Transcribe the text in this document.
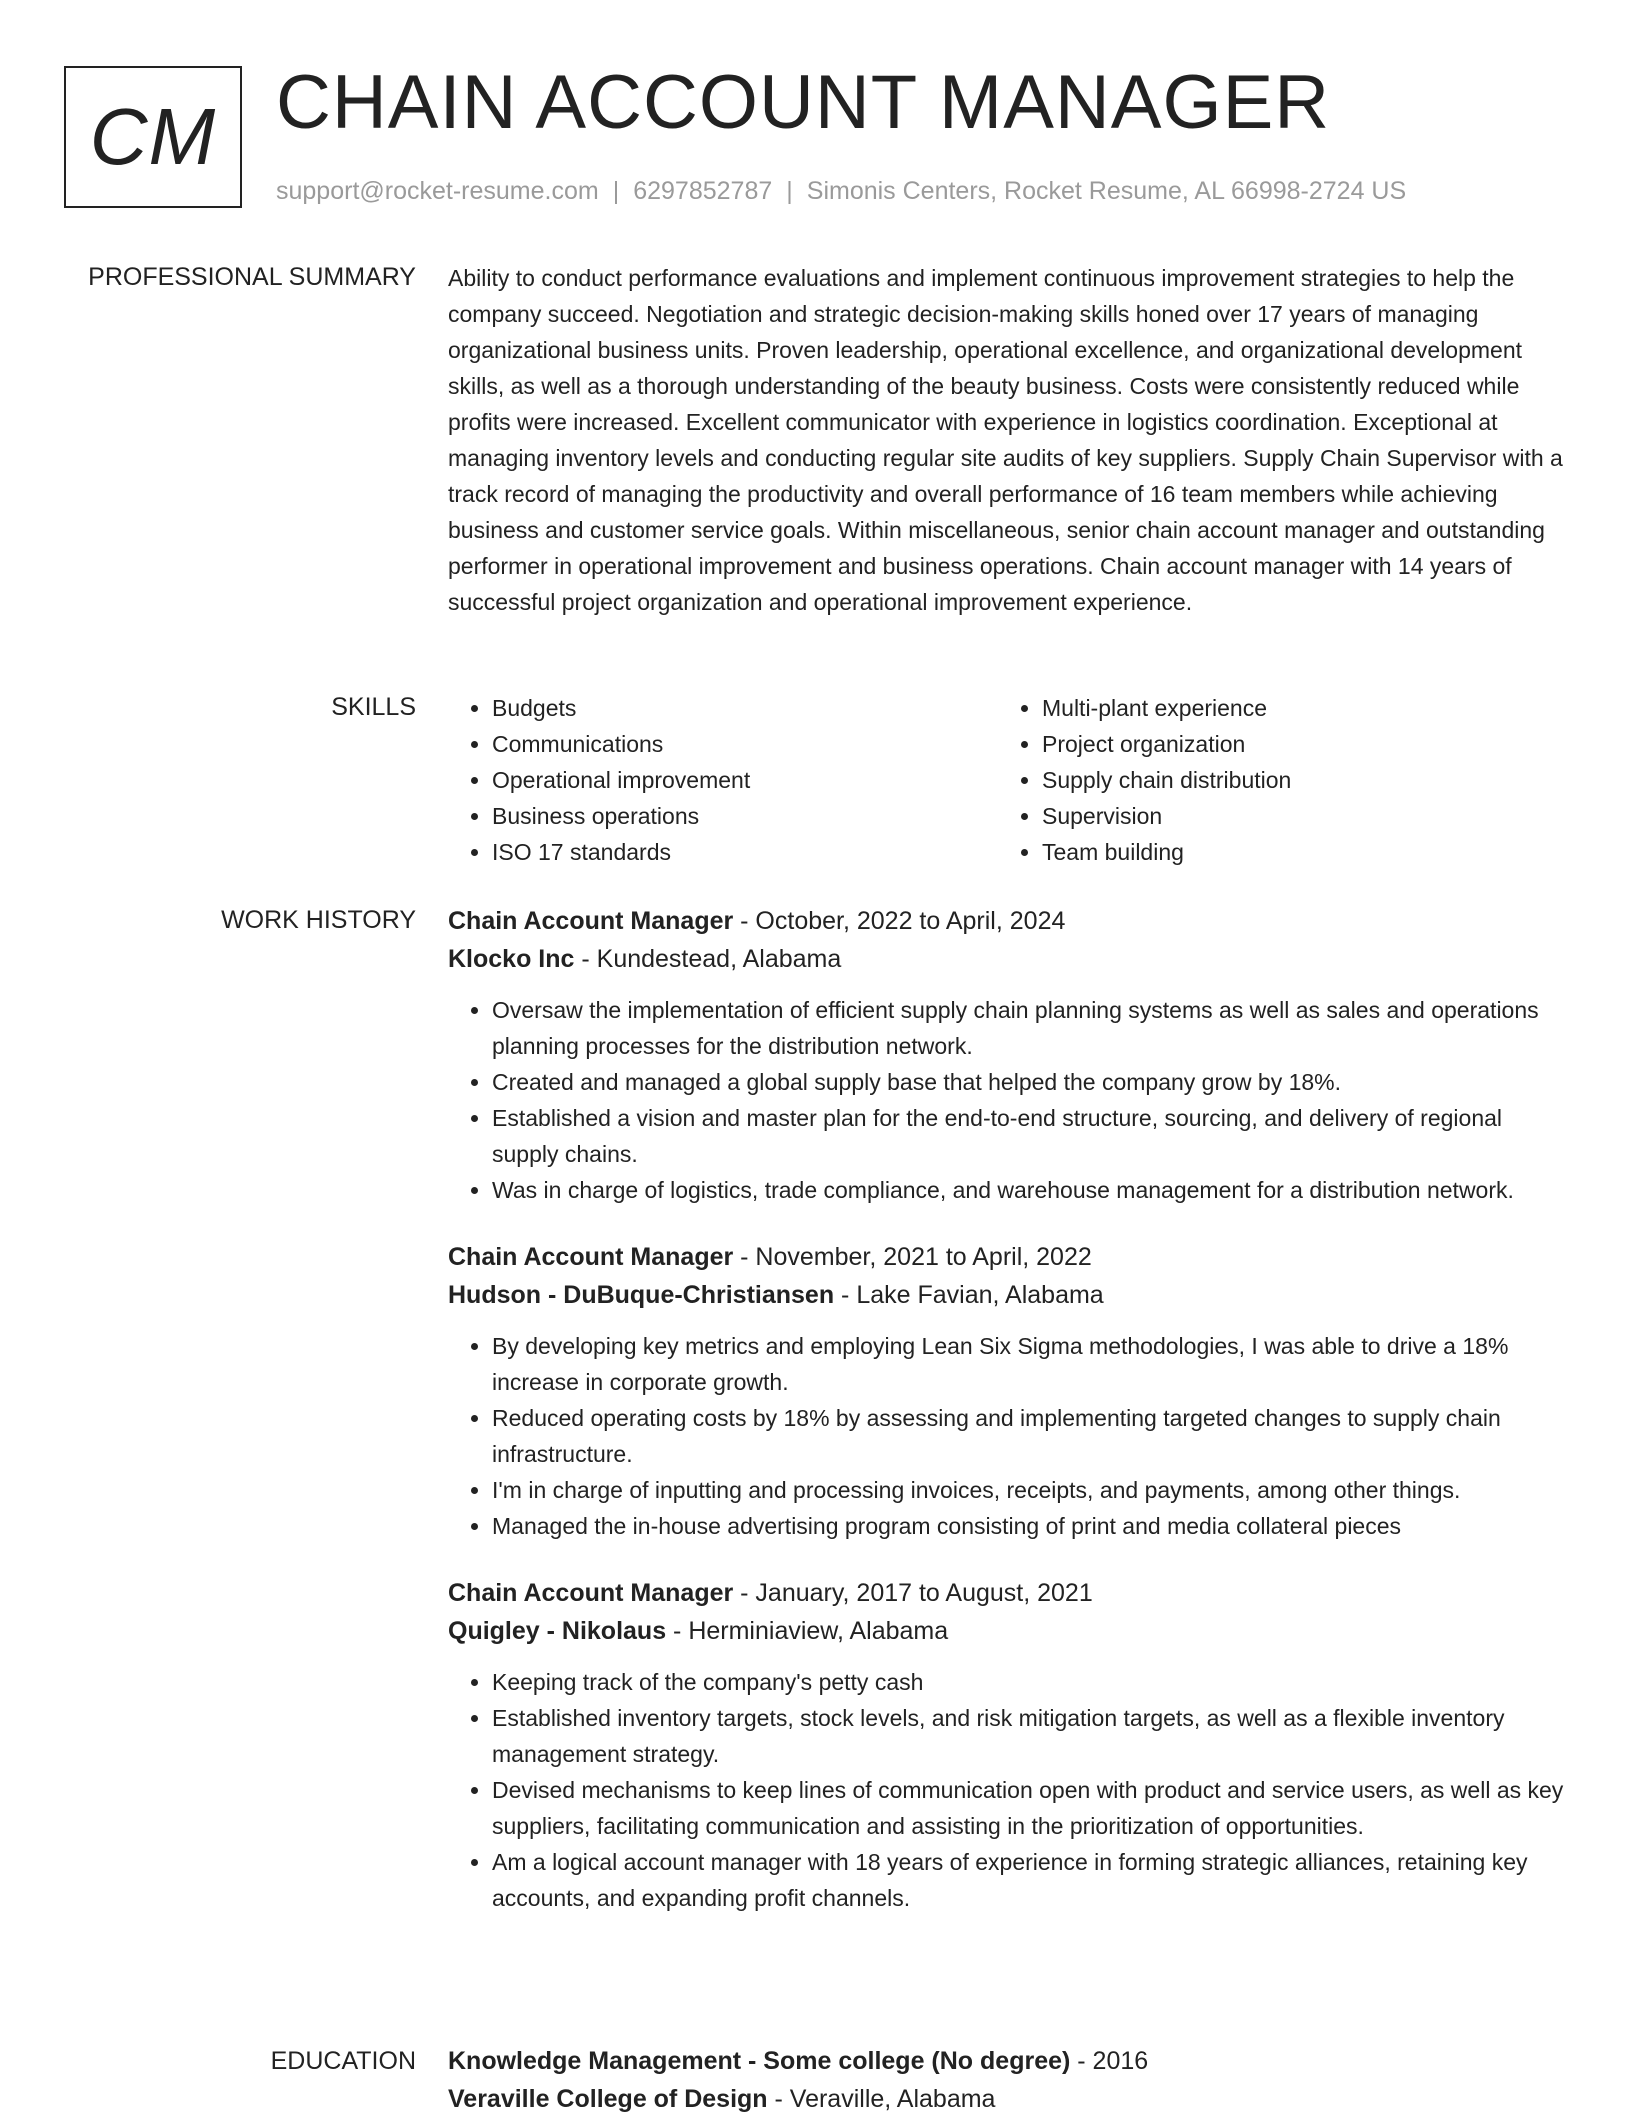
CM CHAIN ACCOUNT MANAGER
support@rocket-resume.com | 6297852787 | Simonis Centers, Rocket Resume, AL 66998-2724 US
PROFESSIONAL SUMMARY Ability to conduct performance evaluations and implement continuous improvement strategies to help the company succeed. Negotiation and strategic decision-making skills honed over 17 years of managing organizational business units. Proven leadership, operational excellence, and organizational development skills, as well as a thorough understanding of the beauty business. Costs were consistently reduced while profits were increased. Excellent communicator with experience in logistics coordination. Exceptional at managing inventory levels and conducting regular site audits of key suppliers. Supply Chain Supervisor with a track record of managing the productivity and overall performance of 16 team members while achieving business and customer service goals. Within miscellaneous, senior chain account manager and outstanding performer in operational improvement and business operations. Chain account manager with 14 years of successful project organization and operational improvement experience.

SKILLS
•	Budgets
• Communications
• Operational improvement
• Business operations
• ISO 17 standards
• Multi-plant experience
• Project organization
• Supply chain distribution
• Supervision
• Team building
WORK HISTORY Chain Account Manager - October, 2022 to April, 2024
Klocko Inc - Kundestead, Alabama
• Oversaw the implementation of efficient supply chain planning systems as well as sales and operations planning processes for the distribution network.
• Created and managed a global supply base that helped the company grow by 18%.
• Established a vision and master plan for the end-to-end structure, sourcing, and delivery of regional supply chains.
• Was in charge of logistics, trade compliance, and warehouse management for a distribution network.
Chain Account Manager - November, 2021 to April, 2022
Hudson - DuBuque-Christiansen - Lake Favian, Alabama
• By developing key metrics and employing Lean Six Sigma methodologies, I was able to drive a 18% increase in corporate growth.
• Reduced operating costs by 18% by assessing and implementing targeted changes to supply chain infrastructure.
• I'm in charge of inputting and processing invoices, receipts, and payments, among other things.
• Managed the in-house advertising program consisting of print and media collateral pieces
Chain Account Manager - January, 2017 to August, 2021
Quigley - Nikolaus - Herminiaview, Alabama
• Keeping track of the company's petty cash
• Established inventory targets, stock levels, and risk mitigation targets, as well as a flexible inventory management strategy.
• Devised mechanisms to keep lines of communication open with product and service users, as well as key suppliers, facilitating communication and assisting in the prioritization of opportunities.
• Am a logical account manager with 18 years of experience in forming strategic alliances, retaining key accounts, and expanding profit channels.
EDUCATION Knowledge Management - Some college (No degree) - 2016
Veraville College of Design - Veraville, Alabama
